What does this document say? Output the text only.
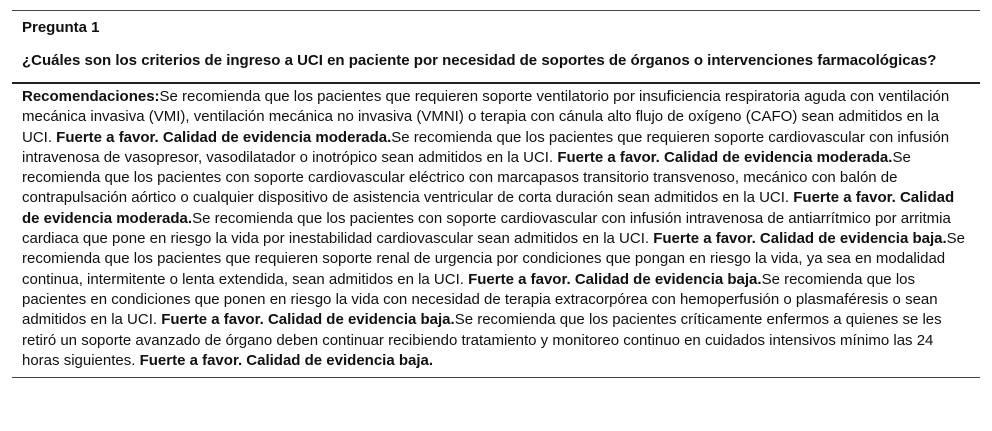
Pregunta 1
¿Cuáles son los criterios de ingreso a UCI en paciente por necesidad de soportes de órganos o intervenciones farmacológicas?
Recomendaciones:Se recomienda que los pacientes que requieren soporte ventilatorio por insuficiencia respiratoria aguda con ventilación mecánica invasiva (VMI), ventilación mecánica no invasiva (VMNI) o terapia con cánula alto flujo de oxígeno (CAFO) sean admitidos en la UCI. Fuerte a favor. Calidad de evidencia moderada.Se recomienda que los pacientes que requieren soporte cardiovascular con infusión intravenosa de vasopresor, vasodilatador o inotrópico sean admitidos en la UCI. Fuerte a favor. Calidad de evidencia moderada.Se recomienda que los pacientes con soporte cardiovascular eléctrico con marcapasos transitorio transvenoso, mecánico con balón de contrapulsación aórtico o cualquier dispositivo de asistencia ventricular de corta duración sean admitidos en la UCI. Fuerte a favor. Calidad de evidencia moderada.Se recomienda que los pacientes con soporte cardiovascular con infusión intravenosa de antiarrítmico por arritmia cardiaca que pone en riesgo la vida por inestabilidad cardiovascular sean admitidos en la UCI. Fuerte a favor. Calidad de evidencia baja.Se recomienda que los pacientes que requieren soporte renal de urgencia por condiciones que pongan en riesgo la vida, ya sea en modalidad continua, intermitente o lenta extendida, sean admitidos en la UCI. Fuerte a favor. Calidad de evidencia baja.Se recomienda que los pacientes en condiciones que ponen en riesgo la vida con necesidad de terapia extracorpórea con hemoperfusión o plasmaféresis o sean admitidos en la UCI. Fuerte a favor. Calidad de evidencia baja.Se recomienda que los pacientes críticamente enfermos a quienes se les retiró un soporte avanzado de órgano deben continuar recibiendo tratamiento y monitoreo continuo en cuidados intensivos mínimo las 24     horas siguientes. Fuerte a favor. Calidad de evidencia baja.
